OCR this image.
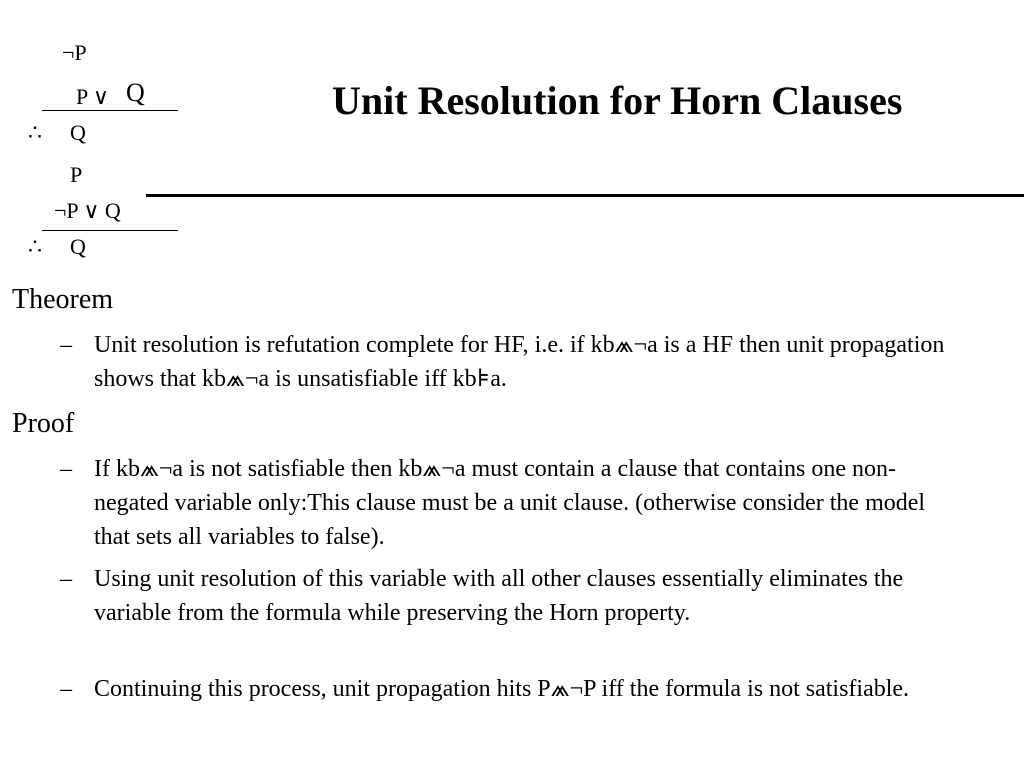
¬P
P ∨ Q
∴ Q
P
¬P ∨ Q
∴ Q
Unit Resolution for Horn Clauses
Theorem
– Unit resolution is refutation complete for HF, i.e. if kb⩕¬a is a HF then unit propagation shows that kb⩕¬a is unsatisfiable iff kb⊧a.
Proof
– If kb⩕¬a is not satisfiable then kb⩕¬a must contain a clause that contains one non-negated variable only:This clause must be a unit clause. (otherwise consider the model that sets all variables to false).
– Using unit resolution of this variable with all other clauses essentially eliminates the variable from the formula while preserving the Horn property.
– Continuing this process, unit propagation hits P⩕¬P iff the formula is not satisfiable.
